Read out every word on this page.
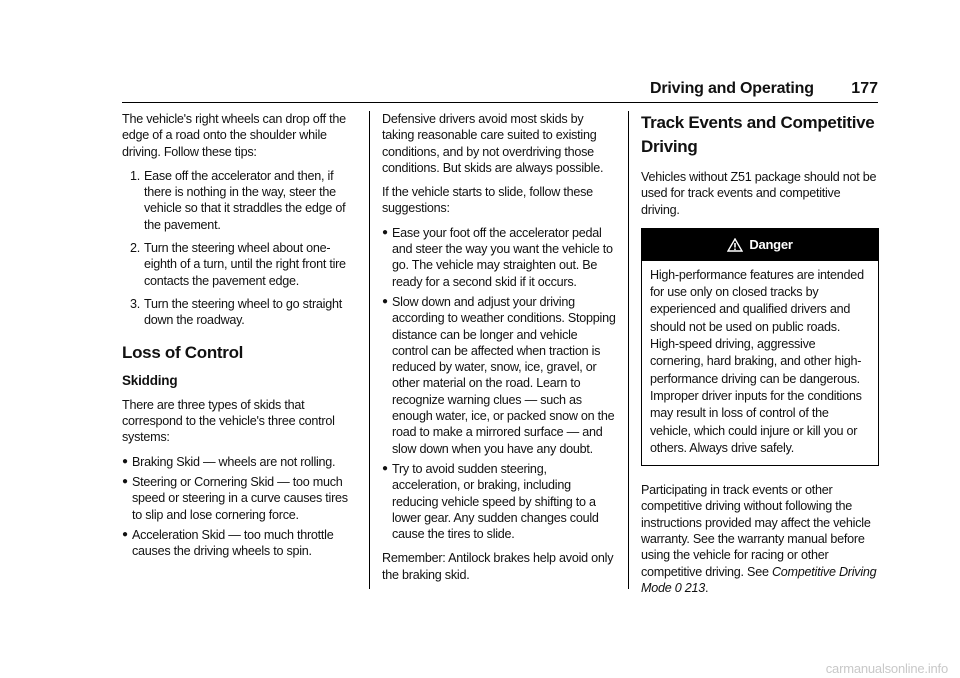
Driving and Operating 177

The vehicle's right wheels can drop off the edge of a road onto the shoulder while driving. Follow these tips:

1. Ease off the accelerator and then, if there is nothing in the way, steer the vehicle so that it straddles the edge of the pavement.
2. Turn the steering wheel about one-eighth of a turn, until the right front tire contacts the pavement edge.
3. Turn the steering wheel to go straight down the roadway.
Loss of Control
Skidding

There are three types of skids that correspond to the vehicle's three control systems:

● Braking Skid — wheels are not rolling.
● Steering or Cornering Skid — too much speed or steering in a curve causes tires to slip and lose cornering force.
● Acceleration Skid — too much throttle causes the driving wheels to spin.

Defensive drivers avoid most skids by taking reasonable care suited to existing conditions, and by not overdriving those conditions. But skids are always possible.

If the vehicle starts to slide, follow these suggestions:

● Ease your foot off the accelerator pedal and steer the way you want the vehicle to go. The vehicle may straighten out. Be ready for a second skid if it occurs.
● Slow down and adjust your driving according to weather conditions. Stopping distance can be longer and vehicle control can be affected when traction is reduced by water, snow, ice, gravel, or other material on the road. Learn to recognize warning clues — such as enough water, ice, or packed snow on the road to make a mirrored surface — and slow down when you have any doubt.
● Try to avoid sudden steering, acceleration, or braking, including reducing vehicle speed by shifting to a lower gear. Any sudden changes could cause the tires to slide.

Remember: Antilock brakes help avoid only the braking skid.

Track Events and Competitive Driving

Vehicles without Z51 package should not be used for track events and competitive driving.

Danger
High-performance features are intended for use only on closed tracks by experienced and qualified drivers and should not be used on public roads. High-speed driving, aggressive cornering, hard braking, and other high-performance driving can be dangerous. Improper driver inputs for the conditions may result in loss of control of the vehicle, which could injure or kill you or others. Always drive safely.

Participating in track events or other competitive driving without following the instructions provided may affect the vehicle warranty. See the warranty manual before using the vehicle for racing or other competitive driving. See Competitive Driving Mode 0 213.

carmanualsonline.info
